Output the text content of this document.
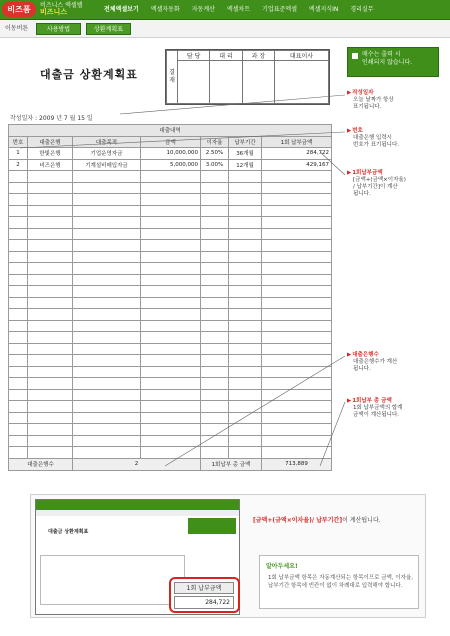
비즈폼	비즈니스 엑셀웹
비즈니스	전체엑셀보기	엑셀자동화	자동계산	엑셀차트	기업표준엑셀	엑셀지식IN	경리실무
이동버튼	사용방법	상환계획표
대출금 상환계획표	결재	담 당	대 리	과 장	대표이사

작성일자 : 2009 년 7 월 15 일
대출내역						
번호	대출은행	대출목적	금액	이자율	납부기간	1회 납부금액
1	한빛은행	기업운영자금	10,000,000	2.50%	36개월	284,722
2	비즈은행	기계설비매입자금	5,000,000	3.00%	12개월	429,167

대출은행수		2		1회납부 총 금액		713,889
매수는 출력 시
인쇄되지 않습니다.
▶ 작성일자
오늘 날짜가 항상
표기됩니다.
▶ 번호
대출은행 입력시
번호가 표기됩니다.
▶ 1회납부금액
[금액+(금액×이자율)
/ 납부기간]이 계산
됩니다.
▶ 대출은행수
대출은행수가 계산
됩니다.
▶ 1회납부 총 금액
1회 납부금액의 합계
금액이 계산됩니다.
대출금 상환계획표
1회 납부금액
284,722
[금액+(금액×이자율)/ 납부기간]이 계산됩니다.
알아두세요!
1회 납부금액 항목은 자동계산되는 항목이므로 금액, 이자율, 납부기간 항목에 빈칸이 없이 차례대로 입력해야 합니다.
